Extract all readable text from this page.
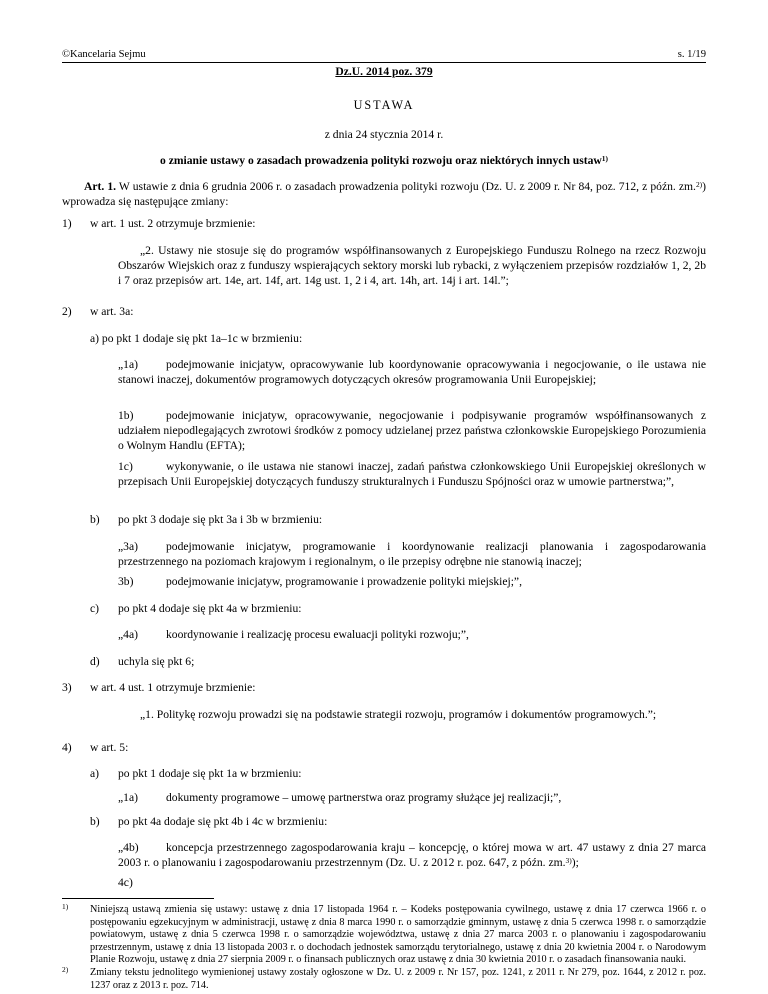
©Kancelaria Sejmu	s. 1/19
Dz.U. 2014 poz. 379
USTAWA
z dnia 24 stycznia 2014 r.
o zmianie ustawy o zasadach prowadzenia polityki rozwoju oraz niektórych innych ustaw$^{1)}$
Art. 1. W ustawie z dnia 6 grudnia 2006 r. o zasadach prowadzenia polityki rozwoju (Dz. U. z 2009 r. Nr 84, poz. 712, z późn. zm.$^{2)}$) wprowadza się następujące zmiany:
1) w art. 1 ust. 2 otrzymuje brzmienie:
„2. Ustawy nie stosuje się do programów współfinansowanych z Europejskiego Funduszu Rolnego na rzecz Rozwoju Obszarów Wiejskich oraz z funduszy wspierających sektory morski lub rybacki, z wyłączeniem przepisów rozdziałów 1, 2, 2b i 7 oraz przepisów art. 14e, art. 14f, art. 14g ust. 1, 2 i 4, art. 14h, art. 14j i art. 14l.”;
2) w art. 3a:
a) po pkt 1 dodaje się pkt 1a–1c w brzmieniu:
„1a)	podejmowanie inicjatyw, opracowywanie lub koordynowanie opracowywania i negocjowanie, o ile ustawa nie stanowi inaczej, dokumentów programowych dotyczących okresów programowania Unii Europejskiej;
1b)	podejmowanie inicjatyw, opracowywanie, negocjowanie i podpisywanie programów współfinansowanych z udziałem niepodlegających zwrotowi środków z pomocy udzielanej przez państwa członkowskie Europejskiego Porozumienia o Wolnym Handlu (EFTA);
1c)	wykonywanie, o ile ustawa nie stanowi inaczej, zadań państwa członkowskiego Unii Europejskiej określonych w przepisach Unii Europejskiej dotyczących funduszy strukturalnych i Funduszu Spójności oraz w umowie partnerstwa;”,
b) po pkt 3 dodaje się pkt 3a i 3b w brzmieniu:
„3a)	podejmowanie inicjatyw, programowanie i koordynowanie realizacji planowania i zagospodarowania przestrzennego na poziomach krajowym i regionalnym, o ile przepisy odrębne nie stanowią inaczej;
3b)	podejmowanie inicjatyw, programowanie i prowadzenie polityki miejskiej;”,
c) po pkt 4 dodaje się pkt 4a w brzmieniu:
„4a) koordynowanie i realizację procesu ewaluacji polityki rozwoju;”,
d) uchyla się pkt 6;
3) w art. 4 ust. 1 otrzymuje brzmienie:
„1. Politykę rozwoju prowadzi się na podstawie strategii rozwoju, programów i dokumentów programowych.”;
4) w art. 5:
a) po pkt 1 dodaje się pkt 1a w brzmieniu:
„1a) dokumenty programowe – umowę partnerstwa oraz programy służące jej realizacji;”,
b) po pkt 4a dodaje się pkt 4b i 4c w brzmieniu:
„4b)	koncepcja przestrzennego zagospodarowania kraju – koncepcję, o której mowa w art. 47 ustawy z dnia 27 marca 2003 r. o planowaniu i zagospodarowaniu przestrzennym (Dz. U. z 2012 r. poz. 647, z późn. zm.$^{3)}$);
4c)
$^{1)}$ Niniejszą ustawą zmienia się ustawy: ustawę z dnia 17 listopada 1964 r. – Kodeks postępowania cywilnego, ustawę z dnia 17 czerwca 1966 r. o postępowaniu egzekucyjnym w administracji, ustawę z dnia 8 marca 1990 r. o samorządzie gminnym, ustawę z dnia 5 czerwca 1998 r. o samorządzie powiatowym, ustawę z dnia 5 czerwca 1998 r. o samorządzie województwa, ustawę z dnia 27 marca 2003 r. o planowaniu i zagospodarowaniu przestrzennym, ustawę z dnia 13 listopada 2003 r. o dochodach jednostek samorządu terytorialnego, ustawę z dnia 20 kwietnia 2004 r. o Narodowym Planie Rozwoju, ustawę z dnia 27 sierpnia 2009 r. o finansach publicznych oraz ustawę z dnia 30 kwietnia 2010 r. o zasadach finansowania nauki.
$^{2)}$ Zmiany tekstu jednolitego wymienionej ustawy zostały ogłoszone w Dz. U. z 2009 r. Nr 157, poz. 1241, z 2011 r. Nr 279, poz. 1644, z 2012 r. poz. 1237 oraz z 2013 r. poz. 714.
